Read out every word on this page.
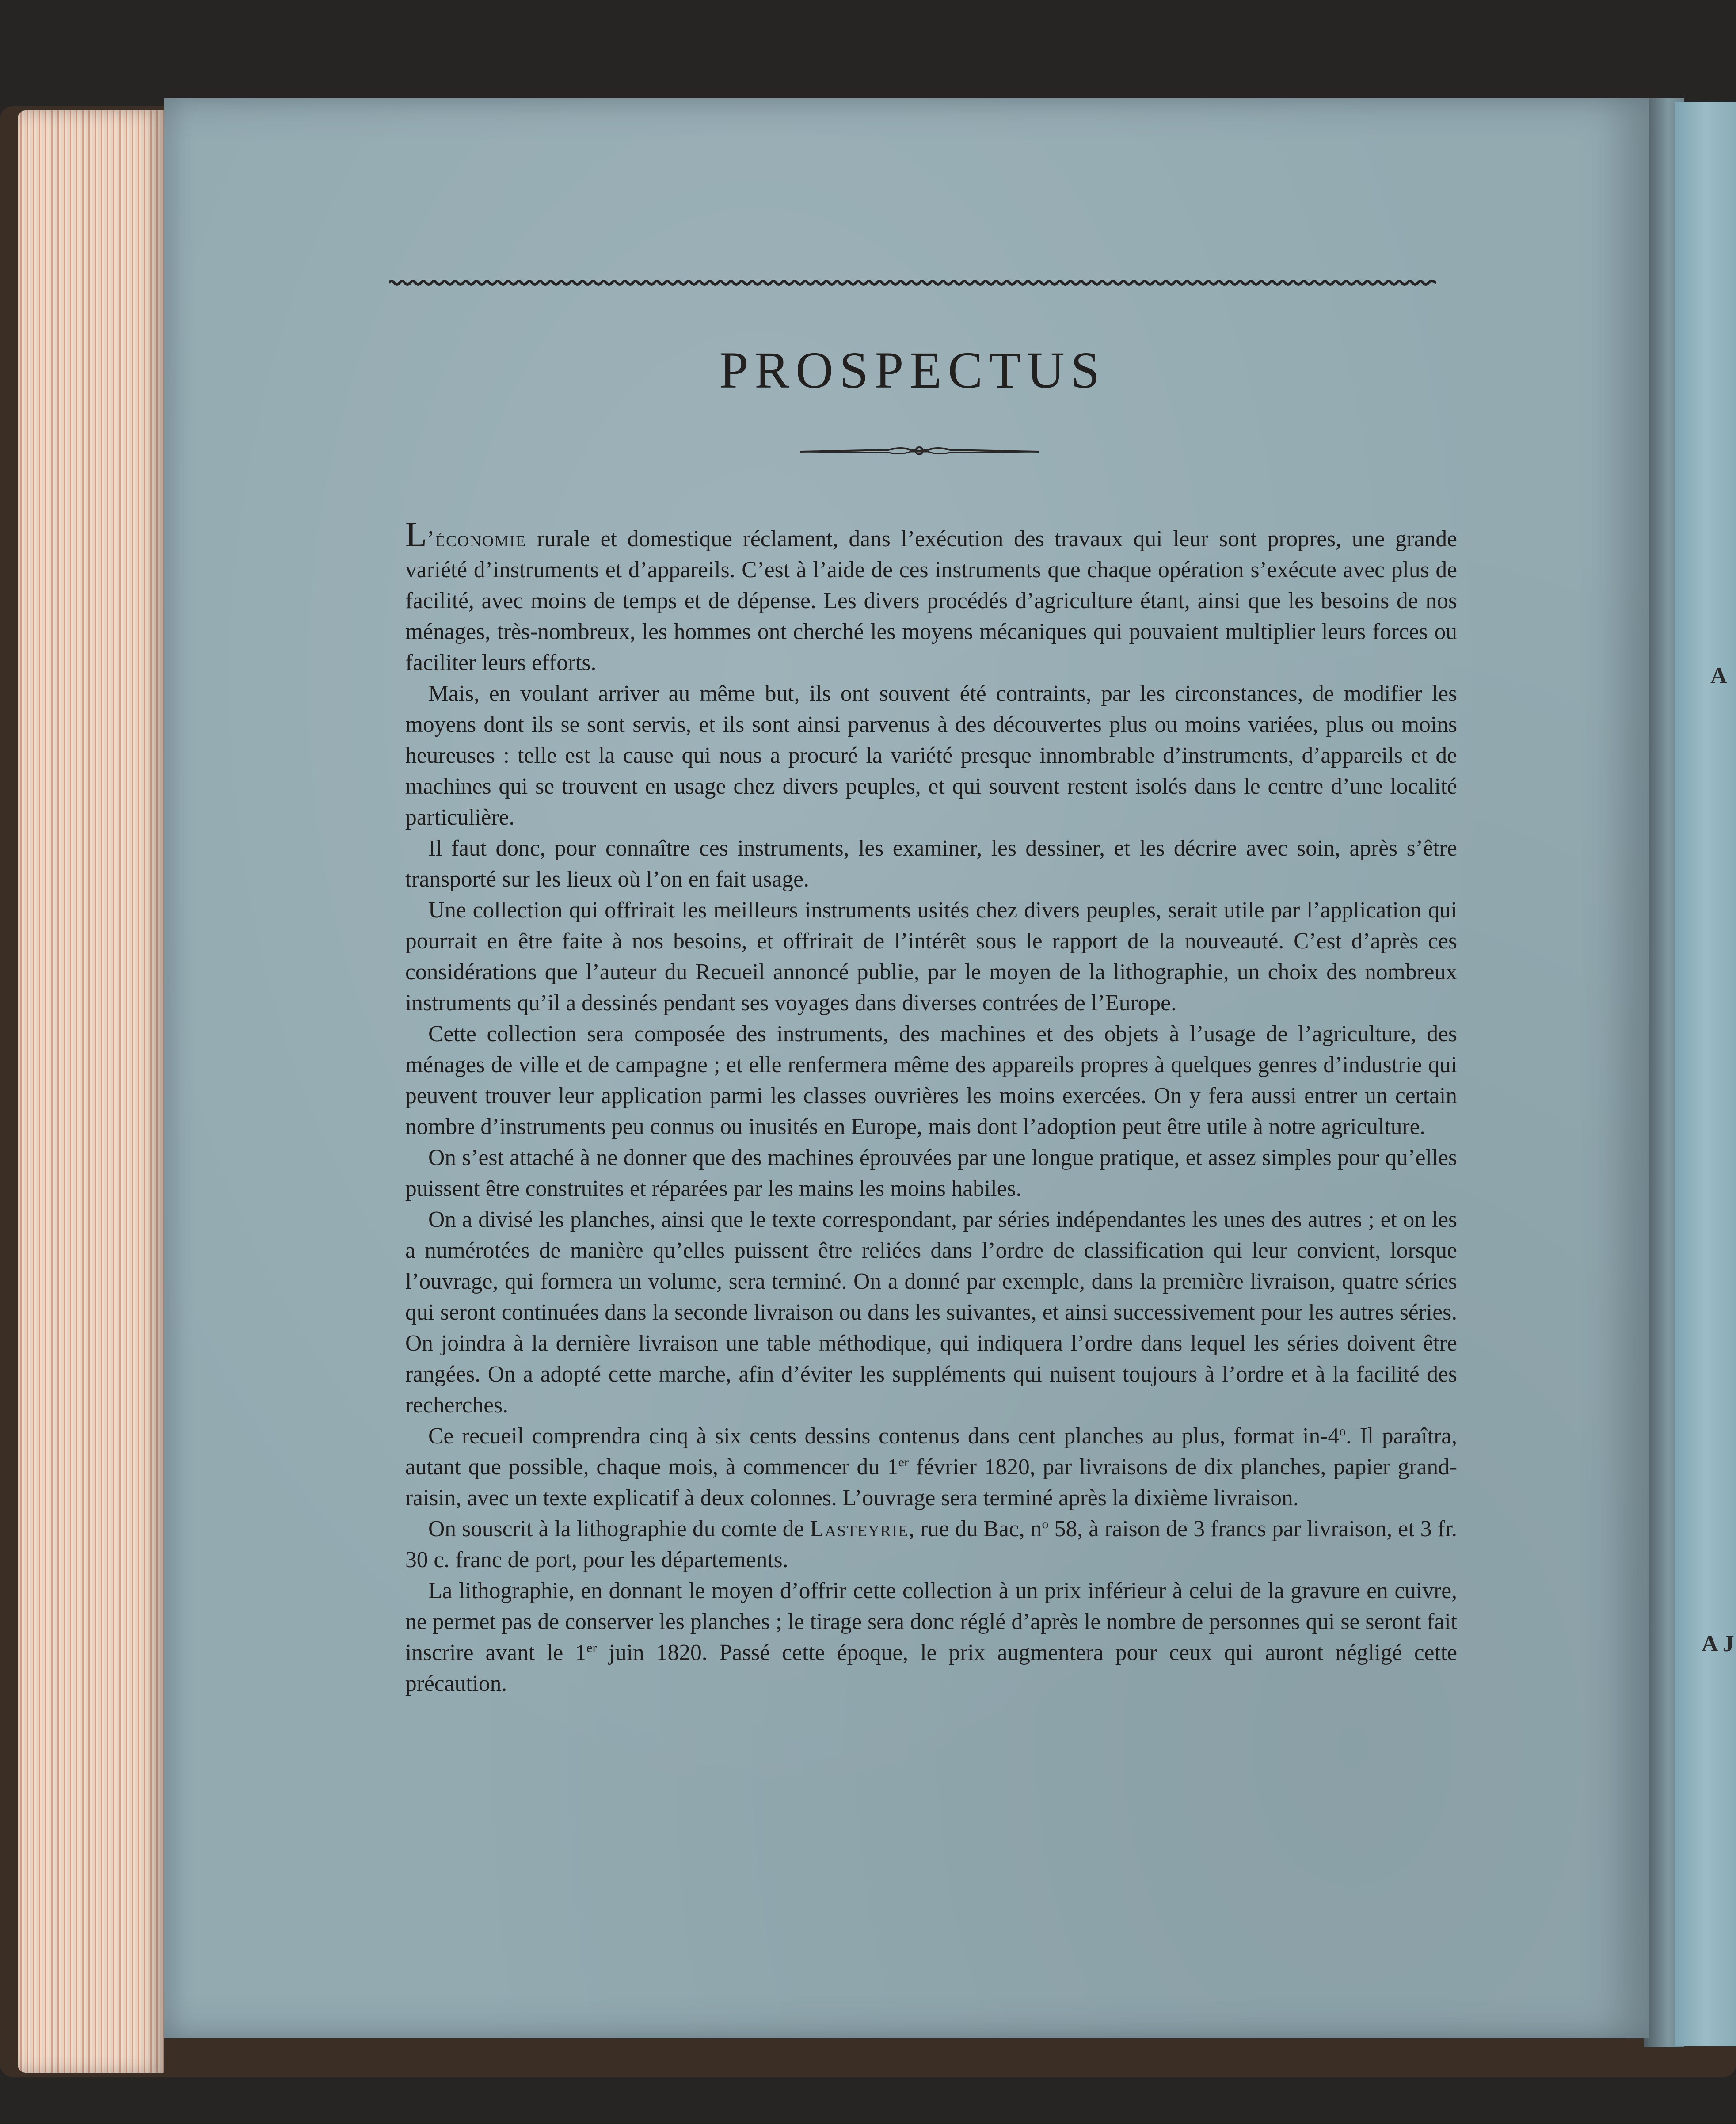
A
A J
PROSPECTUS

L’économie rurale et domestique réclament, dans l’exécution des travaux qui leur sont propres, une grande variété d’instruments et d’appareils. C’est à l’aide de ces instruments que chaque opération s’exécute avec plus de facilité, avec moins de temps et de dépense. Les divers procédés d’agriculture étant, ainsi que les besoins de nos ménages, très-nombreux, les hommes ont cherché les moyens mécaniques qui pouvaient multiplier leurs forces ou faciliter leurs efforts.

Mais, en voulant arriver au même but, ils ont souvent été contraints, par les circonstances, de modifier les moyens dont ils se sont servis, et ils sont ainsi parvenus à des découvertes plus ou moins variées, plus ou moins heureuses : telle est la cause qui nous a procuré la variété presque innombrable d’instruments, d’appareils et de machines qui se trouvent en usage chez divers peuples, et qui souvent restent isolés dans le centre d’une localité particulière.

Il faut donc, pour connaître ces instruments, les examiner, les dessiner, et les décrire avec soin, après s’être transporté sur les lieux où l’on en fait usage.

Une collection qui offrirait les meilleurs instruments usités chez divers peuples, serait utile par l’application qui pourrait en être faite à nos besoins, et offrirait de l’intérêt sous le rapport de la nouveauté. C’est d’après ces considérations que l’auteur du Recueil annoncé publie, par le moyen de la lithographie, un choix des nombreux instruments qu’il a dessinés pendant ses voyages dans diverses contrées de l’Europe.

Cette collection sera composée des instruments, des machines et des objets à l’usage de l’agriculture, des ménages de ville et de campagne ; et elle renfermera même des appareils propres à quelques genres d’industrie qui peuvent trouver leur application parmi les classes ouvrières les moins exercées. On y fera aussi entrer un certain nombre d’instruments peu connus ou inusités en Europe, mais dont l’adoption peut être utile à notre agriculture.

On s’est attaché à ne donner que des machines éprouvées par une longue pratique, et assez simples pour qu’elles puissent être construites et réparées par les mains les moins habiles.

On a divisé les planches, ainsi que le texte correspondant, par séries indépendantes les unes des autres ; et on les a numérotées de manière qu’elles puissent être reliées dans l’ordre de classification qui leur convient, lorsque l’ouvrage, qui formera un volume, sera terminé. On a donné par exemple, dans la première livraison, quatre séries qui seront continuées dans la seconde livraison ou dans les suivantes, et ainsi successivement pour les autres séries. On joindra à la dernière livraison une table méthodique, qui indiquera l’ordre dans lequel les séries doivent être rangées. On a adopté cette marche, afin d’éviter les suppléments qui nuisent toujours à l’ordre et à la facilité des recherches.

Ce recueil comprendra cinq à six cents dessins contenus dans cent planches au plus, format in-4$^o$. Il paraîtra, autant que possible, chaque mois, à commencer du 1er février 1820, par livraisons de dix planches, papier grand-raisin, avec un texte explicatif à deux colonnes. L’ouvrage sera terminé après la dixième livraison.

On souscrit à la lithographie du comte de Lasteyrie, rue du Bac, $n^o$ 58, à raison de 3 francs par livraison, et 3 fr. 30 c. franc de port, pour les départements.

La lithographie, en donnant le moyen d’offrir cette collection à un prix inférieur à celui de la gravure en cuivre, ne permet pas de conserver les planches ; le tirage sera donc réglé d’après le nombre de personnes qui se seront fait inscrire avant le 1er juin 1820. Passé cette époque, le prix augmentera pour ceux qui auront négligé cette précaution.
